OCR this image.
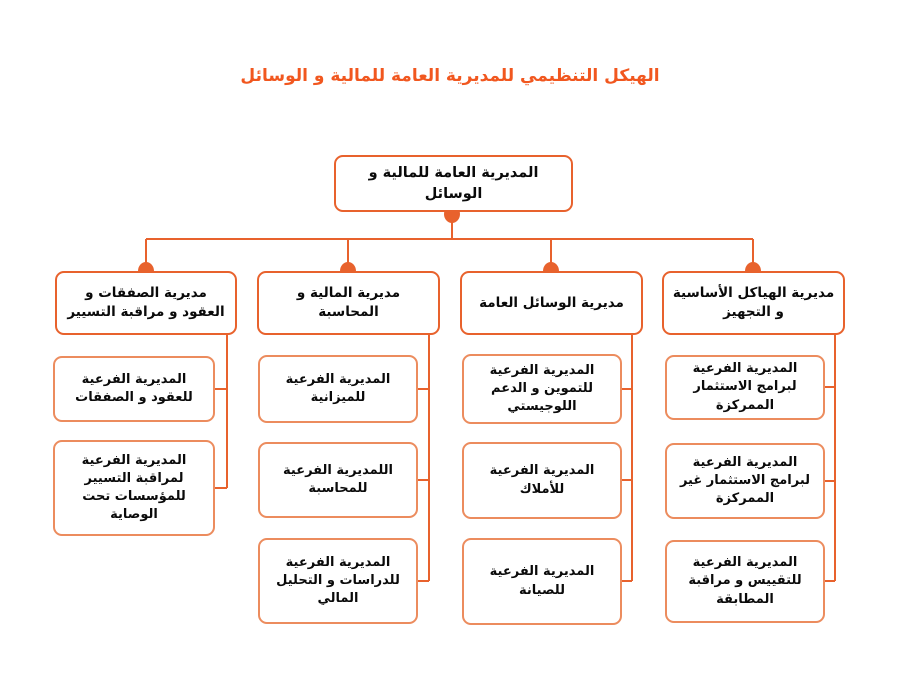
الهيكل التنظيمي للمديرية العامة للمالية و الوسائل
المديرية العامة للمالية و الوسائل
مديرية الصفقات و العقود و مراقبة التسيير
مديرية المالية و المحاسبة
مديرية الوسائل العامة
مديرية الهياكل الأساسية و التجهيز
المديرية الفرعية للعقود و الصفقات
المديرية الفرعية لمراقبة التسيير للمؤسسات تحت الوصاية
المديرية الفرعية للميزانية
اللمديرية الفرعية للمحاسبة
المديرية الفرعية للدراسات و التحليل المالي
المديرية الفرعية للتموين و الدعم اللوجيستي
المديرية الفرعية للأملاك
المديرية الفرعية للصيانة
المديرية الفرعية لبرامج الاستثمار الممركزة
المديرية الفرعية لبرامج الاستثمار غير الممركزة
المديرية الفرعية للتقييس و مراقبة المطابقة
